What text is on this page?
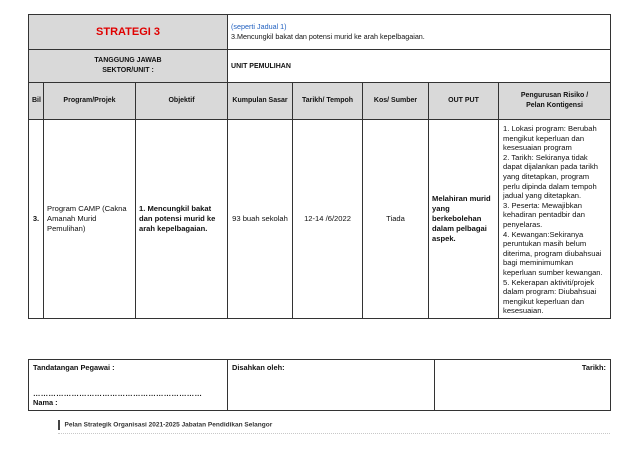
STRATEGI 3			(seperti Jadual 1)
3.Mencungkil bakat dan potensi murid ke arah kepelbagaian.				

TANGGUNG JAWAB
SEKTOR/UNIT :			UNIT PEMULIHAN				
Bil	Program/Projek	Objektif	Kumpulan Sasar	Tarikh/ Tempoh	Kos/ Sumber	OUT PUT	Pengurusan Risiko /
Pelan Kontigensi

3.	Program CAMP (Cakna Amanah Murid Pemulihan)	1. Mencungkil bakat dan potensi murid ke arah kepelbagaian.	93 buah sekolah	12-14 /6/2022	Tiada	Melahiran murid yang berkebolehan dalam pelbagai aspek.	1. Lokasi program: Berubah mengikut keperluan dan kesesuaian program

2. Tarikh: Sekiranya tidak dapat dijalankan pada tarikh yang ditetapkan, program perlu dipinda dalam tempoh jadual yang ditetapkan.

3. Peserta: Mewajibkan kehadiran pentadbir dan penyelaras.

4. Kewangan:Sekiranya peruntukan masih belum diterima, program diubahsuai bagi meminimumkan keperluan sumber kewangan.

5. Kekerapan aktiviti/projek dalam program: Diubahsuai mengikut keperluan dan kesesuaian.

Tandatangan Pegawai :
…………………………………………………………
Nama :

Disahkan oleh:	Tarikh:
Pelan Strategik Organisasi 2021-2025 Jabatan Pendidikan Selangor
